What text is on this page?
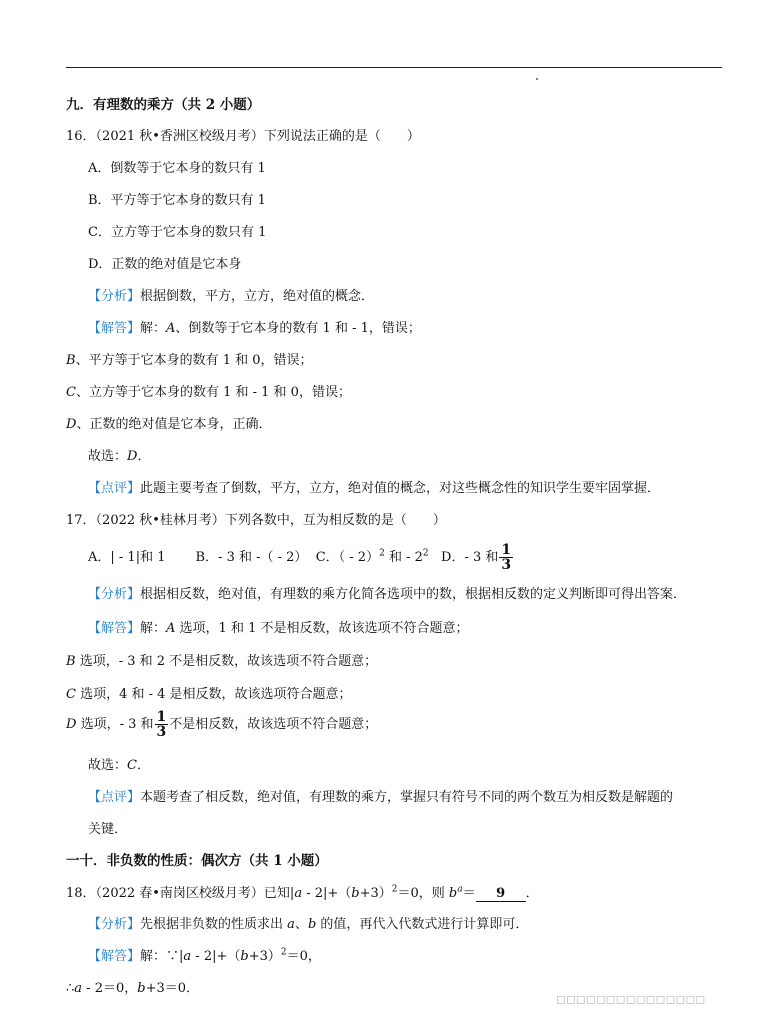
九．有理数的乘方（共 2 小题）
16．（2021 秋•香洲区校级月考）下列说法正确的是（　　）
A．倒数等于它本身的数只有 1
B．平方等于它本身的数只有 1
C．立方等于它本身的数只有 1
D．正数的绝对值是它本身
【分析】根据倒数，平方，立方，绝对值的概念．
【解答】解：A、倒数等于它本身的数有 1 和 - 1，错误；
B、平方等于它本身的数有 1 和 0，错误；
C、立方等于它本身的数有 1 和 - 1 和 0，错误；
D、正数的绝对值是它本身，正确．
故选：D．
【点评】此题主要考查了倒数，平方，立方，绝对值的概念，对这些概念性的知识学生要牢固掌握．
17．（2022 秋•桂林月考）下列各数中，互为相反数的是（　　）
A．| - 1|和 1 B．- 3 和 -（ - 2） C．（ - 2）$^2$ 和 - $2^2$ D．- 3 和 $\frac{1}{3}$
【分析】根据相反数，绝对值，有理数的乘方化简各选项中的数，根据相反数的定义判断即可得出答案．
【解答】解：A 选项，1 和 1 不是相反数，故该选项不符合题意；
B 选项，- 3 和 2 不是相反数，故该选项不符合题意；
C 选项，4 和 - 4 是相反数，故该选项符合题意；
D 选项，- 3 和 $\frac{1}{3}$ 不是相反数，故该选项不符合题意；
故选：C．
【点评】本题考查了相反数，绝对值，有理数的乘方，掌握只有符号不同的两个数互为相反数是解题的
关键．
一十．非负数的性质：偶次方（共 1 小题）
18．（2022 春•南岗区校级月考）已知$|a - 2|+(b+3)^2=0$，则 $b^a= 9$ ．
【分析】先根据非负数的性质求出 a、b 的值，再代入代数式进行计算即可．
【解答】解：∵|a - $2|+(b+3)^2=0$，
∴a - 2＝0，b+3＝0．
◻◻◻◻◻◻◻◻◻◻◻◻◻◻◻
